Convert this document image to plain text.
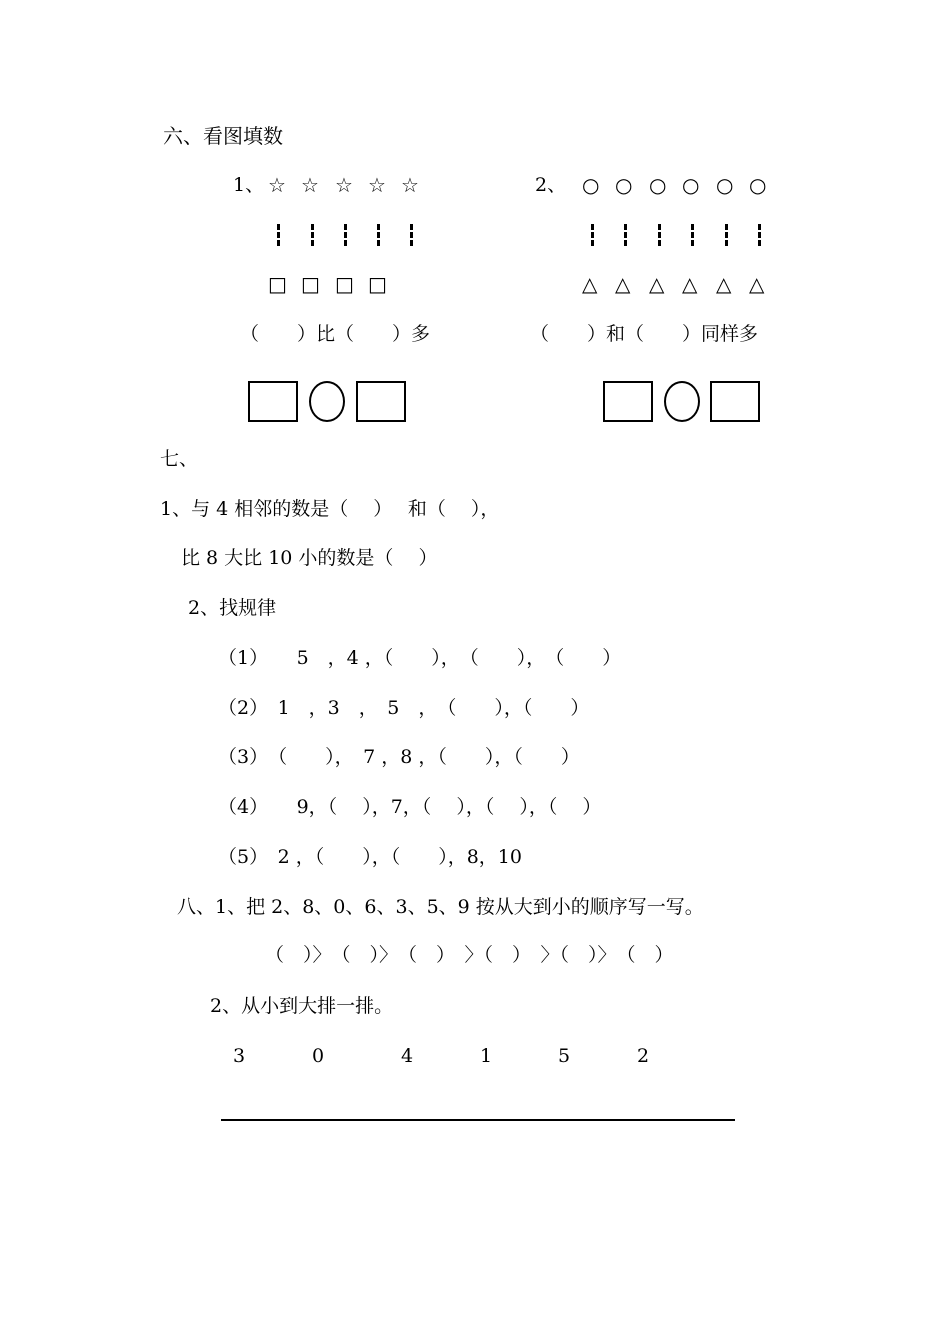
六、看图填数
1、 ☆ ☆ ☆ ☆ ☆
□ □ □ □
（　　）比（　　）多
2、 ○ ○ ○ ○ ○ ○
△ △ △ △ △ △
（　　）和（　　）同样多
七、
1、与 4 相邻的数是（　 ）　 和（　 ），
比 8 大比 10 小的数是（　 ）
2、找规律
（1）　　5　，4 ，（　　），　（　　），　（　　）
（2）　1　，3　，　5　，　（　　），（　　）
（3）　（　　），　7 ，8 ，（　　），（　　）
（4）　　9，（　 ），7，（　 ），（　 ），（　 ）
（5）　2 ，（　　），（　　），8，10
八、1、把 2、8、0、6、3、5、9 按从大到小的顺序写一写。
（　）〉　（　）〉　（　）　〉（　）　〉（　）〉　（　）
2、从小到大排一排。
3	0	4	1	5	2
